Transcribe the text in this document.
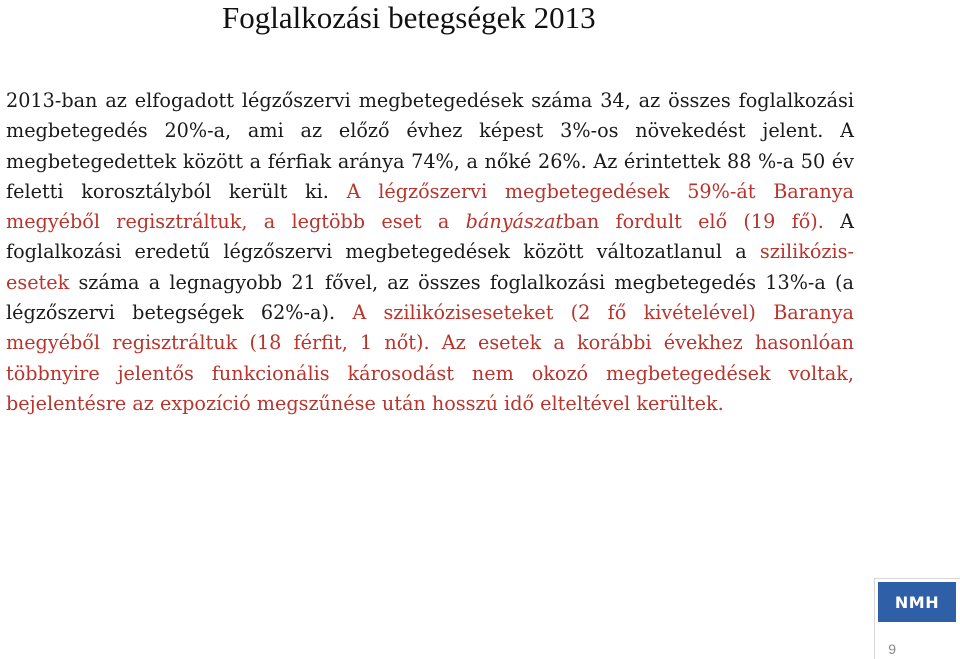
Foglalkozási betegségek 2013
2013-ban az elfogadott légzőszervi megbetegedések száma 34, az összes foglalkozási megbetegedés 20%-a, ami az előző évhez képest 3%-os növekedést jelent. A megbetegedettek között a férfiak aránya 74%, a nőké 26%. Az érintettek 88 %-a 50 év feletti korosztályból került ki. A légzőszervi megbetegedések 59%-át Baranya megyéből regisztráltuk, a legtöbb eset a bányászatban fordult elő (19 fő). A foglalkozási eredetű légzőszervi megbetegedések között változatlanul a szilikózis-esetek száma a legnagyobb 21 fővel, az összes foglalkozási megbetegedés 13%-a (a légzőszervi betegségek 62%-a). A szilikóziseseteket (2 fő kivételével) Baranya megyéből regisztráltuk (18 férfit, 1 nőt). Az esetek a korábbi évekhez hasonlóan többnyire jelentős funkcionális károsodást nem okozó megbetegedések voltak, bejelentésre az expozíció megszűnése után hosszú idő elteltével kerültek.
NMH
9
